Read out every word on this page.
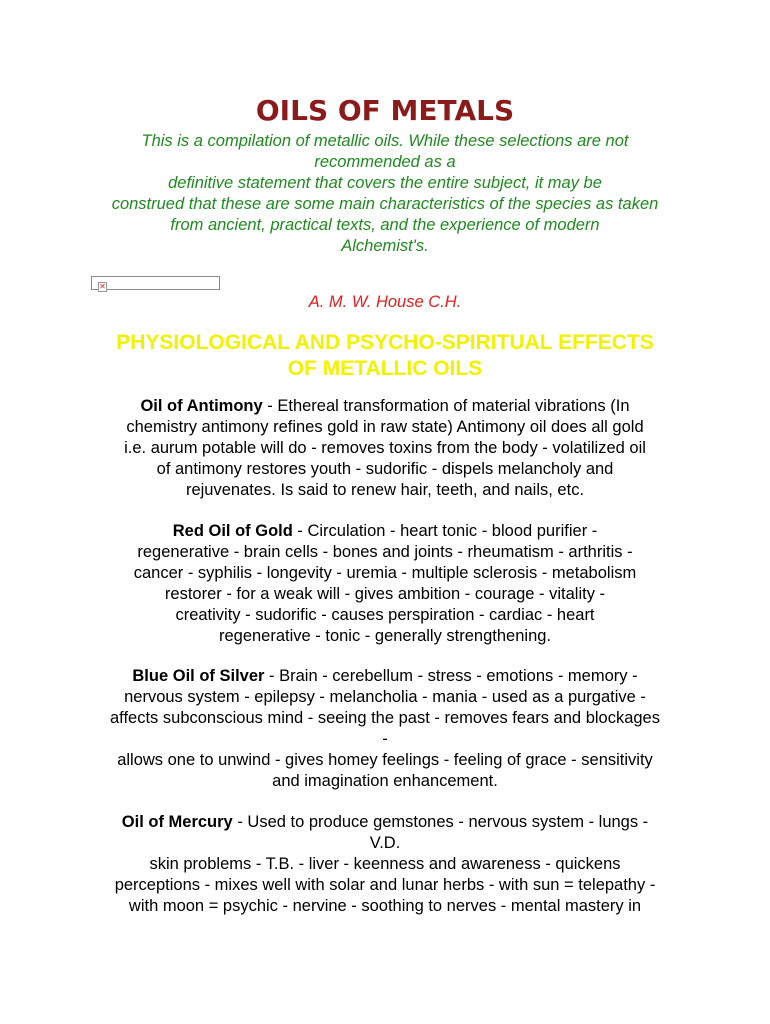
OILS OF METALS
This is a compilation of metallic oils. While these selections are not
recommended as a
definitive statement that covers the entire subject, it may be
construed that these are some main characteristics of the species as taken
from ancient, practical texts, and the experience of modern
Alchemist's.
✕
A. M. W. House C.H.
PHYSIOLOGICAL AND PSYCHO-SPIRITUAL EFFECTS
OF METALLIC OILS
Oil of Antimony - Ethereal transformation of material vibrations (In
chemistry antimony refines gold in raw state) Antimony oil does all gold
i.e. aurum potable will do - removes toxins from the body - volatilized oil
of antimony restores youth - sudorific - dispels melancholy and
rejuvenates. Is said to renew hair, teeth, and nails, etc.
Red Oil of Gold - Circulation - heart tonic - blood purifier -
regenerative - brain cells - bones and joints - rheumatism - arthritis -
cancer - syphilis - longevity - uremia - multiple sclerosis - metabolism
restorer - for a weak will - gives ambition - courage - vitality -
creativity - sudorific - causes perspiration - cardiac - heart
regenerative - tonic - generally strengthening.
Blue Oil of Silver - Brain - cerebellum - stress - emotions - memory -
nervous system - epilepsy - melancholia - mania - used as a purgative -
affects subconscious mind - seeing the past - removes fears and blockages
-
allows one to unwind - gives homey feelings - feeling of grace - sensitivity
and imagination enhancement.
Oil of Mercury - Used to produce gemstones - nervous system - lungs -
V.D.
skin problems - T.B. - liver - keenness and awareness - quickens
perceptions - mixes well with solar and lunar herbs - with sun = telepathy -
with moon = psychic - nervine - soothing to nerves - mental mastery in
